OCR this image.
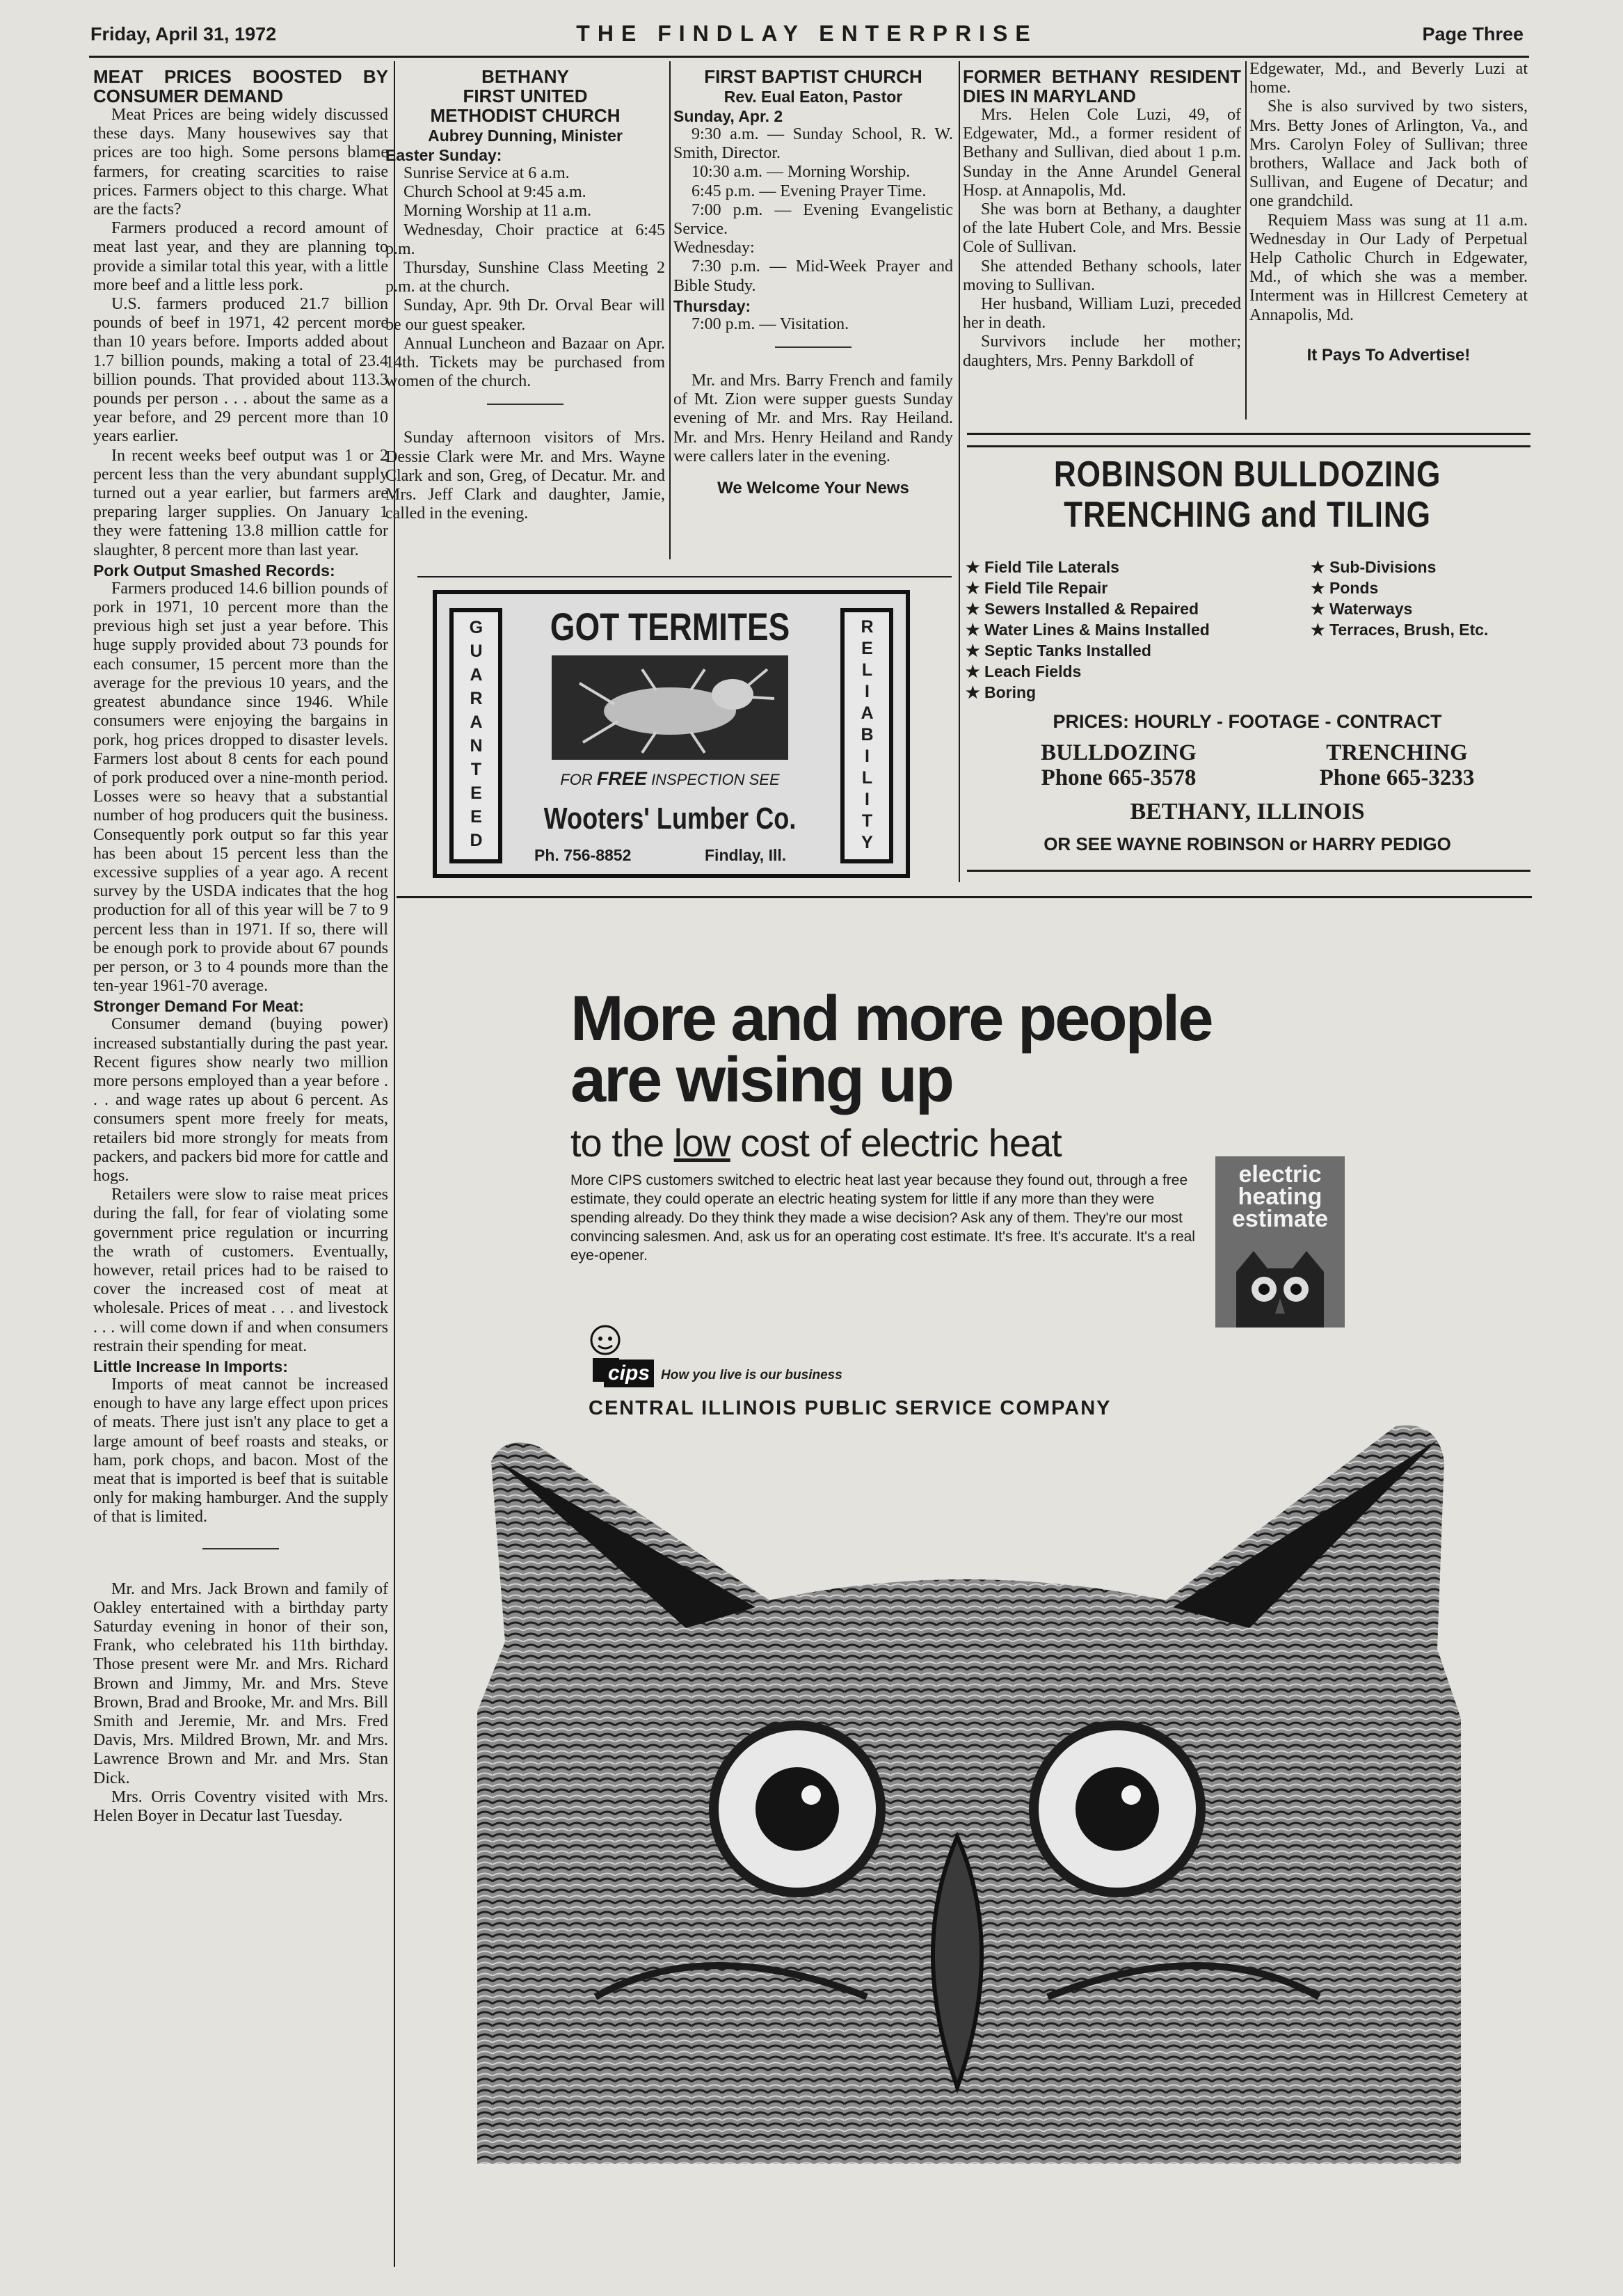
Friday, April 31, 1972	THE FINDLAY ENTERPRISE	Page Three
MEAT PRICES BOOSTED BY CONSUMER DEMAND

Meat Prices are being widely discussed these days. Many housewives say that prices are too high. Some persons blame farmers, for creating scarcities to raise prices. Farmers object to this charge. What are the facts?

Farmers produced a record amount of meat last year, and they are planning to provide a similar total this year, with a little more beef and a little less pork.

U.S. farmers produced 21.7 billion pounds of beef in 1971, 42 percent more than 10 years before. Imports added about 1.7 billion pounds, making a total of 23.4 billion pounds. That provided about 113.3 pounds per person . . . about the same as a year before, and 29 percent more than 10 years earlier.

In recent weeks beef output was 1 or 2 percent less than the very abundant supply turned out a year earlier, but farmers are preparing larger supplies. On January 1 they were fattening 13.8 million cattle for slaughter, 8 percent more than last year.

Pork Output Smashed Records:

Farmers produced 14.6 billion pounds of pork in 1971, 10 percent more than the previous high set just a year before. This huge supply provided about 73 pounds for each consumer, 15 percent more than the average for the previous 10 years, and the greatest abundance since 1946. While consumers were enjoying the bargains in pork, hog prices dropped to disaster levels. Farmers lost about 8 cents for each pound of pork produced over a nine-month period. Losses were so heavy that a substantial number of hog producers quit the business. Consequently pork output so far this year has been about 15 percent less than the excessive supplies of a year ago. A recent survey by the USDA indicates that the hog production for all of this year will be 7 to 9 percent less than in 1971. If so, there will be enough pork to provide about 67 pounds per person, or 3 to 4 pounds more than the ten-year 1961-70 average.

Stronger Demand For Meat:

Consumer demand (buying power) increased substantially during the past year. Recent figures show nearly two million more persons employed than a year before . . . and wage rates up about 6 percent. As consumers spent more freely for meats, retailers bid more strongly for meats from packers, and packers bid more for cattle and hogs.

Retailers were slow to raise meat prices during the fall, for fear of violating some government price regulation or incurring the wrath of customers. Eventually, however, retail prices had to be raised to cover the increased cost of meat at wholesale. Prices of meat . . . and livestock . . . will come down if and when consumers restrain their spending for meat.

Little Increase In Imports:

Imports of meat cannot be increased enough to have any large effect upon prices of meats. There just isn't any place to get a large amount of beef roasts and steaks, or ham, pork chops, and bacon. Most of the meat that is imported is beef that is suitable only for making hamburger. And the supply of that is limited.

Mr. and Mrs. Jack Brown and family of Oakley entertained with a birthday party Saturday evening in honor of their son, Frank, who celebrated his 11th birthday. Those present were Mr. and Mrs. Richard Brown and Jimmy, Mr. and Mrs. Steve Brown, Brad and Brooke, Mr. and Mrs. Bill Smith and Jeremie, Mr. and Mrs. Fred Davis, Mrs. Mildred Brown, Mr. and Mrs. Lawrence Brown and Mr. and Mrs. Stan Dick.

Mrs. Orris Coventry visited with Mrs. Helen Boyer in Decatur last Tuesday.

BETHANY
FIRST UNITED
METHODIST CHURCH
Aubrey Dunning, Minister
Easter Sunday:

Sunrise Service at 6 a.m.

Church School at 9:45 a.m.

Morning Worship at 11 a.m.

Wednesday, Choir practice at 6:45 p.m.

Thursday, Sunshine Class Meeting 2 p.m. at the church.

Sunday, Apr. 9th Dr. Orval Bear will be our guest speaker.

Annual Luncheon and Bazaar on Apr. 14th. Tickets may be purchased from women of the church.

Sunday afternoon visitors of Mrs. Dessie Clark were Mr. and Mrs. Wayne Clark and son, Greg, of Decatur. Mr. and Mrs. Jeff Clark and daughter, Jamie, called in the evening.

FIRST BAPTIST CHURCH
Rev. Eual Eaton, Pastor
Sunday, Apr. 2

9:30 a.m. — Sunday School, R. W. Smith, Director.

10:30 a.m. — Morning Worship.

6:45 p.m. — Evening Prayer Time.

7:00 p.m. — Evening Evangelistic Service.

Wednesday:

7:30 p.m. — Mid-Week Prayer and Bible Study.

Thursday:

7:00 p.m. — Visitation.

Mr. and Mrs. Barry French and family of Mt. Zion were supper guests Sunday evening of Mr. and Mrs. Ray Heiland. Mr. and Mrs. Henry Heiland and Randy were callers later in the evening.

We Welcome Your News
FORMER BETHANY RESIDENT DIES IN MARYLAND

Mrs. Helen Cole Luzi, 49, of Edgewater, Md., a former resident of Bethany and Sullivan, died about 1 p.m. Sunday in the Anne Arundel General Hosp. at Annapolis, Md.

She was born at Bethany, a daughter of the late Hubert Cole, and Mrs. Bessie Cole of Sullivan.

She attended Bethany schools, later moving to Sullivan.

Her husband, William Luzi, preceded her in death.

Survivors include her mother; daughters, Mrs. Penny Barkdoll of

Edgewater, Md., and Beverly Luzi at home.

She is also survived by two sisters, Mrs. Betty Jones of Arlington, Va., and Mrs. Carolyn Foley of Sullivan; three brothers, Wallace and Jack both of Sullivan, and Eugene of Decatur; and one grandchild.

Requiem Mass was sung at 11 a.m. Wednesday in Our Lady of Perpetual Help Catholic Church in Edgewater, Md., of which she was a member. Interment was in Hillcrest Cemetery at Annapolis, Md.

It Pays To Advertise!
GUARANTEED	RELIABILITY
GOT TERMITES
FOR FREE INSPECTION SEE
Wooters' Lumber Co.
Ph. 756-8852	Findlay, Ill.
ROBINSON BULLDOZING
TRENCHING and TILING
★ Field Tile Laterals
★ Field Tile Repair
★ Sewers Installed & Repaired
★ Water Lines & Mains Installed
★ Septic Tanks Installed
★ Leach Fields
★ Boring
★ Sub-Divisions
★ Ponds
★ Waterways
★ Terraces, Brush, Etc.
PRICES: HOURLY - FOOTAGE - CONTRACT
BULLDOZING
Phone 665-3578
TRENCHING
Phone 665-3233
BETHANY, ILLINOIS
OR SEE WAYNE ROBINSON or HARRY PEDIGO
More and more people
are wising up
to the low cost of electric heat
More CIPS customers switched to electric heat last year because they found out, through a free estimate, they could operate an electric heating system for little if any more than they were spending already. Do they think they made a wise decision? Ask any of them. They're our most convincing salesmen. And, ask us for an operating cost estimate. It's free. It's accurate. It's a real eye-opener.
electric
heating
estimate
cips How you live is our business
CENTRAL ILLINOIS PUBLIC SERVICE COMPANY
